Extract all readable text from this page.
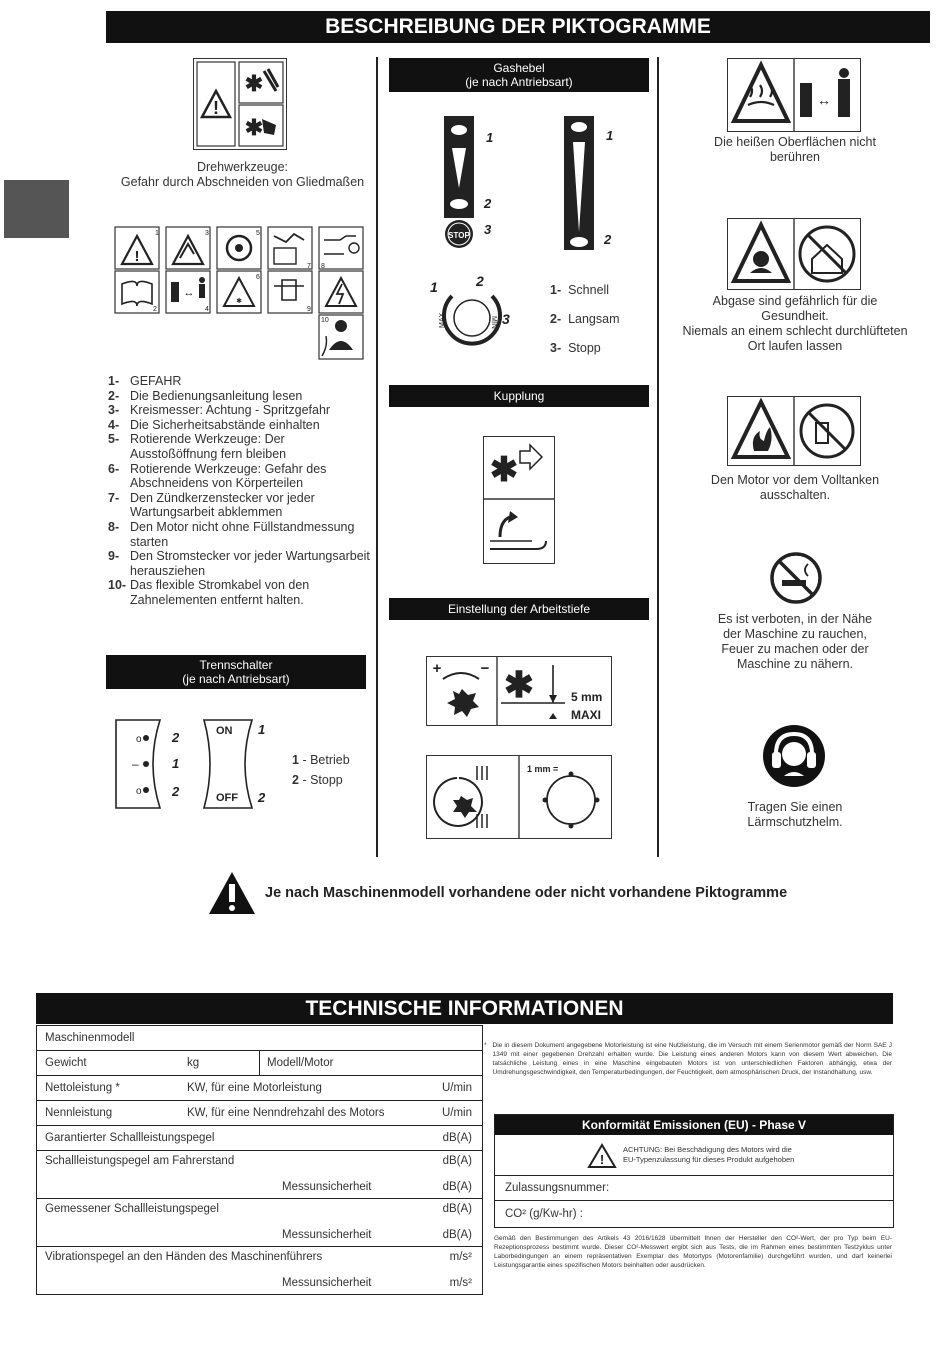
BESCHREIBUNG DER PIKTOGRAMME
!
✱
✱
Drehwerkzeuge:
Gefahr durch Abschneiden von Gliedmaßen
!
↔
✱
1
2
3
4
5
6
7 8
9
10
1- GEFAHR
2- Die Bedienungsanleitung lesen
3- Kreismesser: Achtung - Spritzgefahr
4- Die Sicherheitsabstände einhalten
5- Rotierende Werkzeuge: Der Ausstoßöffnung fern bleiben
6- Rotierende Werkzeuge: Gefahr des Abschneidens von Körperteilen
7- Den Zündkerzenstecker vor jeder Wartungsarbeit abklemmen
8- Den Motor nicht ohne Füllstandmessung starten
9- Den Stromstecker vor jeder Wartungsarbeit herausziehen
10- Das flexible Stromkabel von den Zahnelementen entfernt halten.
Trennschalter
(je nach Antriebsart)
o
–
o
2
1
2
ON
OFF
1
2
1 - Betrieb
2 - Stopp
Gashebel
(je nach Antriebsart)
STOP
1
2
3
1
2
1	2
3
MAX	MIN
1- Schnell
2- Langsam
3- Stopp
Kupplung
✱
Einstellung der Arbeitstiefe
+	− ✱	5 mm
MAXI
1 mm =
↔
Die heißen Oberflächen nicht
berühren
Abgase sind gefährlich für die
Gesundheit.
Niemals an einem schlecht durchlüfteten
Ort laufen lassen
Den Motor vor dem Volltanken
ausschalten.
Es ist verboten, in der Nähe
der Maschine zu rauchen,
Feuer zu machen oder der
Maschine zu nähern.
Tragen Sie einen
Lärmschutzhelm.
Je nach Maschinenmodell vorhandene oder nicht vorhandene Piktogramme
TECHNISCHE INFORMATIONEN
Maschinenmodell
Gewicht	kg	Modell/Motor
Nettoleistung *	KW, für eine Motorleistung	U/min
Nennleistung	KW, für eine Nenndrehzahl des Motors	U/min
Garantierter Schallleistungspegel	dB(A)
Schallleistungspegel am Fahrerstand	dB(A)
Messunsicherheit	dB(A)
Gemessener Schallleistungspegel	dB(A)
Messunsicherheit	dB(A)
Vibrationspegel an den Händen des Maschinenführers	m/s²
Messunsicherheit	m/s²
* Die in diesem Dokument angegebene Motorleistung ist eine Nutzleistung, die im Versuch mit einem Serienmotor gemäß der Norm SAE J 1349 mit einer gegebenen Drehzahl erhalten wurde. Die Leistung eines anderen Motors kann von diesem Wert abweichen. Die tatsächliche Leistung eines in eine Maschine eingebauten Motors ist von unterschiedlichen Faktoren abhängig, etwa der Umdrehungsgeschwindigkeit, den Temperaturbedingungen, der Feuchtigkeit, dem atmosphärischen Druck, der Instandhaltung, usw.
Konformität Emissionen (EU) - Phase V
!
ACHTUNG: Bei Beschädigung des Motors wird die
EU-Typenzulassung für dieses Produkt aufgehoben
Zulassungsnummer:
CO² (g/Kw-hr) :
Gemäß den Bestimmungen des Artikels 43 2016/1628 übermittelt Ihnen der Hersteller den CO²-Wert, der pro Typ beim EU-Rezeptionsprozess bestimmt wurde. Dieser CO²-Messwert ergibt sich aus Tests, die im Rahmen eines bestimmten Testzyklus unter Laborbedingungen an einem repräsentativen Exemplar des Motortyps (Motorenfamilie) durchgeführt wurden, und darf keinerlei Leistungsgarantie eines spezifischen Motors beinhalten oder ausdrücken.
